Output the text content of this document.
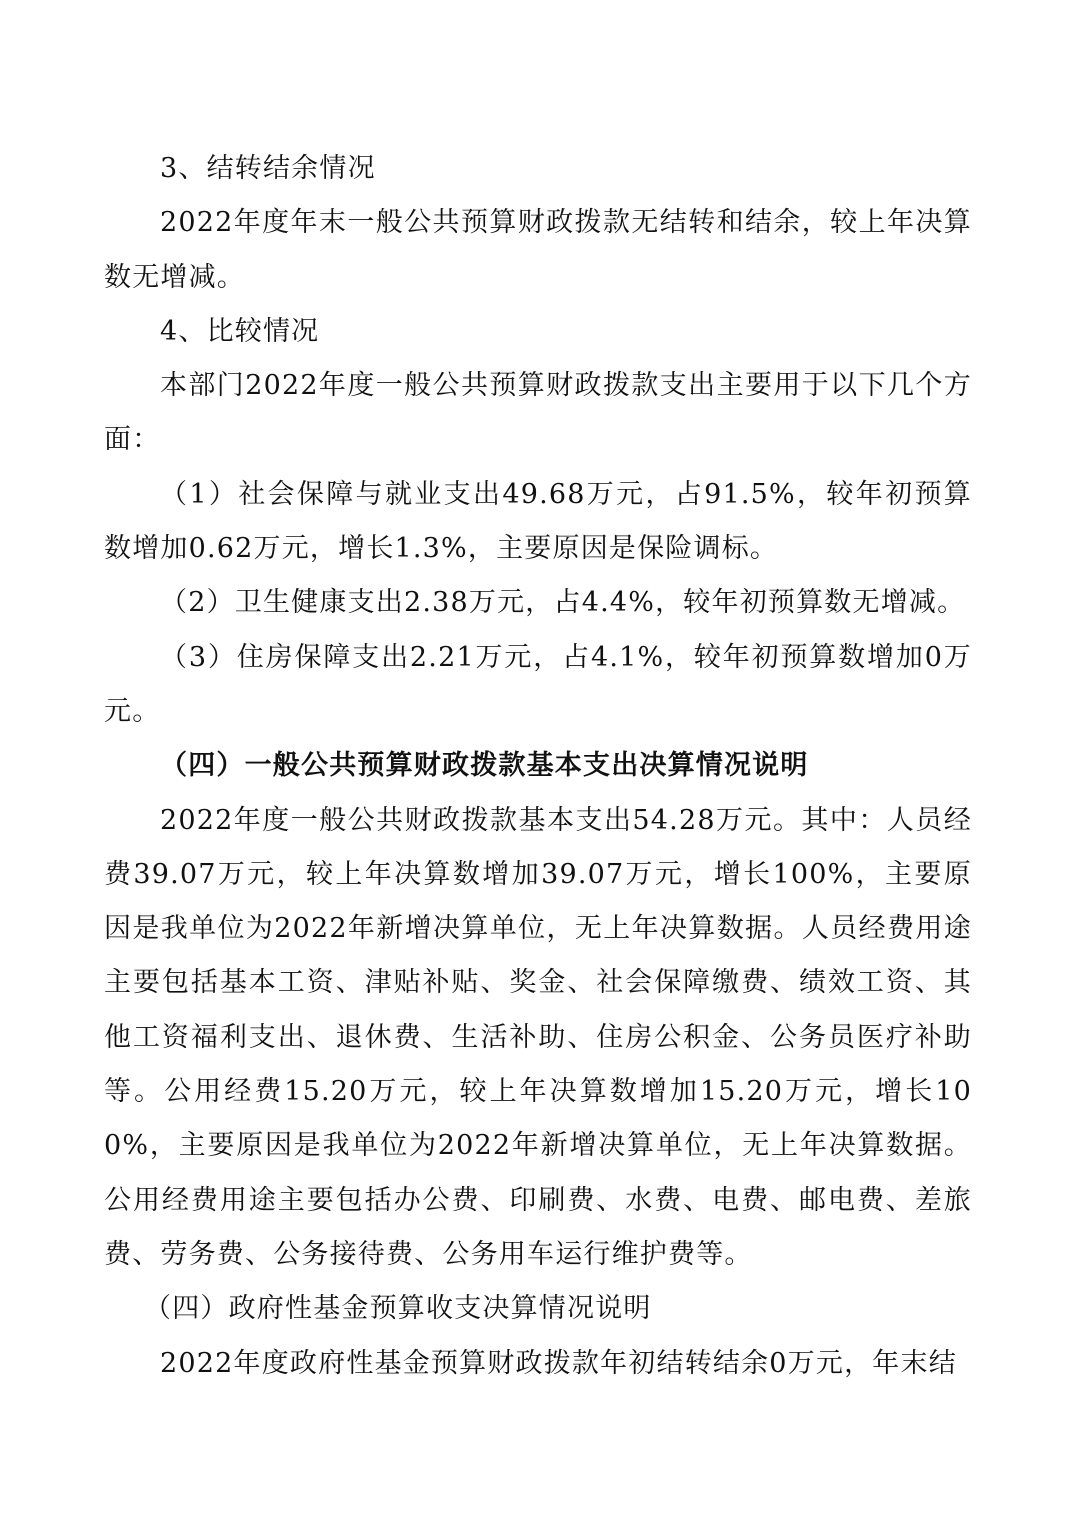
3、结转结余情况

2022年度年末一般公共预算财政拨款无结转和结余，较上年决算数无增减。

4、比较情况

本部门2022年度一般公共预算财政拨款支出主要用于以下几个方面：

（1）社会保障与就业支出49.68万元，占91.5%，较年初预算数增加0.62万元，增长1.3%，主要原因是保险调标。

（2）卫生健康支出2.38万元，占4.4%，较年初预算数无增减。

（3）住房保障支出2.21万元，占4.1%，较年初预算数增加0万元。

（四）一般公共预算财政拨款基本支出决算情况说明

2022年度一般公共财政拨款基本支出54.28万元。其中：人员经费39.07万元，较上年决算数增加39.07万元，增长100%，主要原因是我单位为2022年新增决算单位，无上年决算数据。人员经费用途主要包括基本工资、津贴补贴、奖金、社会保障缴费、绩效工资、其他工资福利支出、退休费、生活补助、住房公积金、公务员医疗补助等。公用经费15.20万元，较上年决算数增加15.20万元，增长100%，主要原因是我单位为2022年新增决算单位，无上年决算数据。公用经费用途主要包括办公费、印刷费、水费、电费、邮电费、差旅费、劳务费、公务接待费、公务用车运行维护费等。

（四）政府性基金预算收支决算情况说明

2022年度政府性基金预算财政拨款年初结转结余0万元，年末结
